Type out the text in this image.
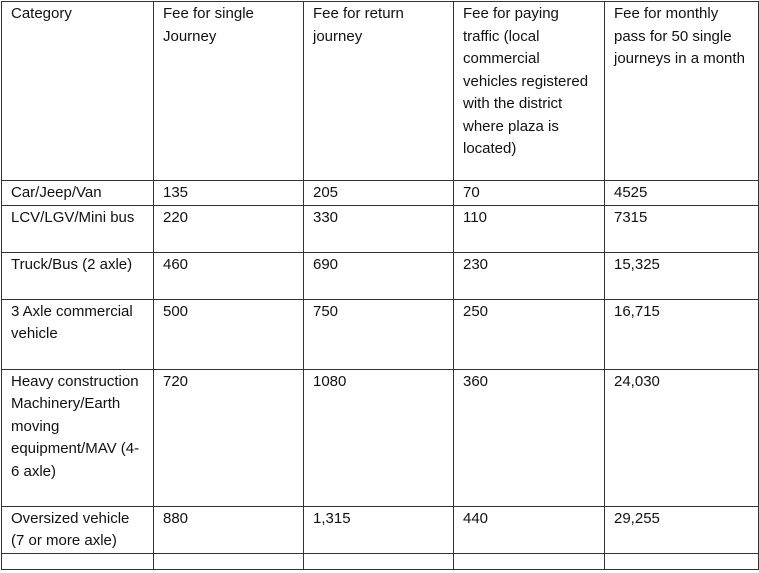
Category	Fee for single Journey	Fee for return journey	Fee for paying traffic (local commercial vehicles registered with the district where plaza is located)	Fee for monthly pass for 50 single journeys in a month
Car/Jeep/Van	135	205	70	4525
LCV/LGV/Mini bus	220	330	110	7315
Truck/Bus (2 axle)	460	690	230	15,325
3 Axle commercial vehicle	500	750	250	16,715
Heavy construction Machinery/Earth moving equipment/MAV (4-6 axle)	720	1080	360	24,030
Oversized vehicle (7 or more axle)	880	1,315	440	29,255
